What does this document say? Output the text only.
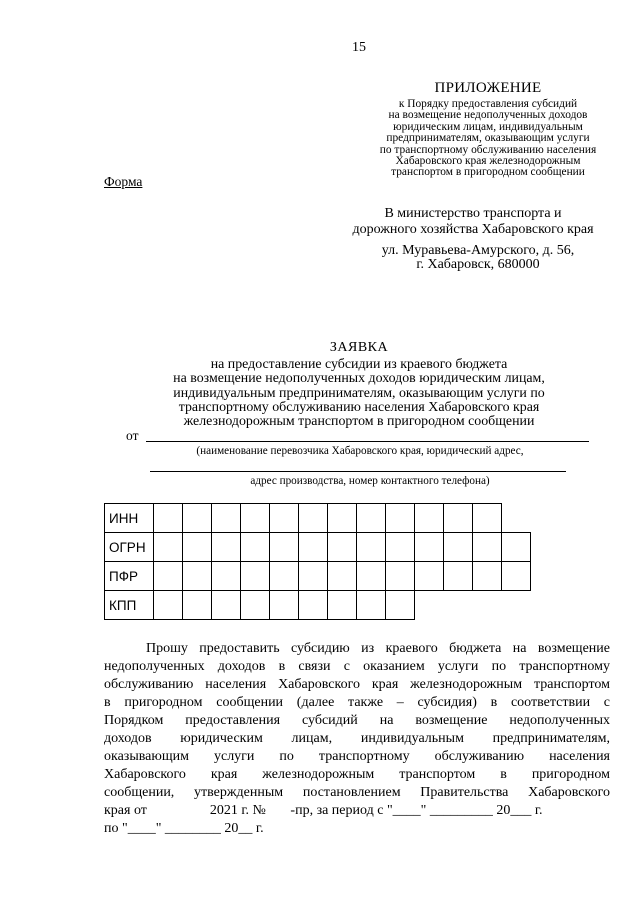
15
ПРИЛОЖЕНИЕ
к Порядку предоставления субсидий
на возмещение недополученных доходов
юридическим лицам, индивидуальным
предпринимателям, оказывающим услуги
по транспортному обслуживанию населения
Хабаровского края железнодорожным
транспортом в пригородном сообщении
Форма
В министерство транспорта и
дорожного хозяйства Хабаровского края
ул. Муравьева-Амурского, д. 56,
г. Хабаровск, 680000
ЗАЯВКА
на предоставление субсидии из краевого бюджета
на возмещение недополученных доходов юридическим лицам,
индивидуальным предпринимателям, оказывающим услуги по
транспортному обслуживанию населения Хабаровского края
железнодорожным транспортом в пригородном сообщении
от
(наименование перевозчика Хабаровского края, юридический адрес,
адрес производства, номер контактного телефона)
ИНН
ОГРН
ПФР
КПП
Прошу предоставить субсидию из краевого бюджета на возмещение
недополученных доходов в связи с оказанием услуги по транспортному
обслуживанию населения Хабаровского края железнодорожным транспортом
в пригородном сообщении (далее также – субсидия) в соответствии с
Порядком предоставления субсидий на возмещение недополученных
доходов юридическим лицам, индивидуальным предпринимателям,
оказывающим услуги по транспортному обслуживанию населения
Хабаровского края железнодорожным транспортом в пригородном
сообщении, утвержденным постановлением Правительства Хабаровского
края от                  2021 г. №       -пр, за период с "____" _________ 20___ г.
по "____" ________ 20__ г.
